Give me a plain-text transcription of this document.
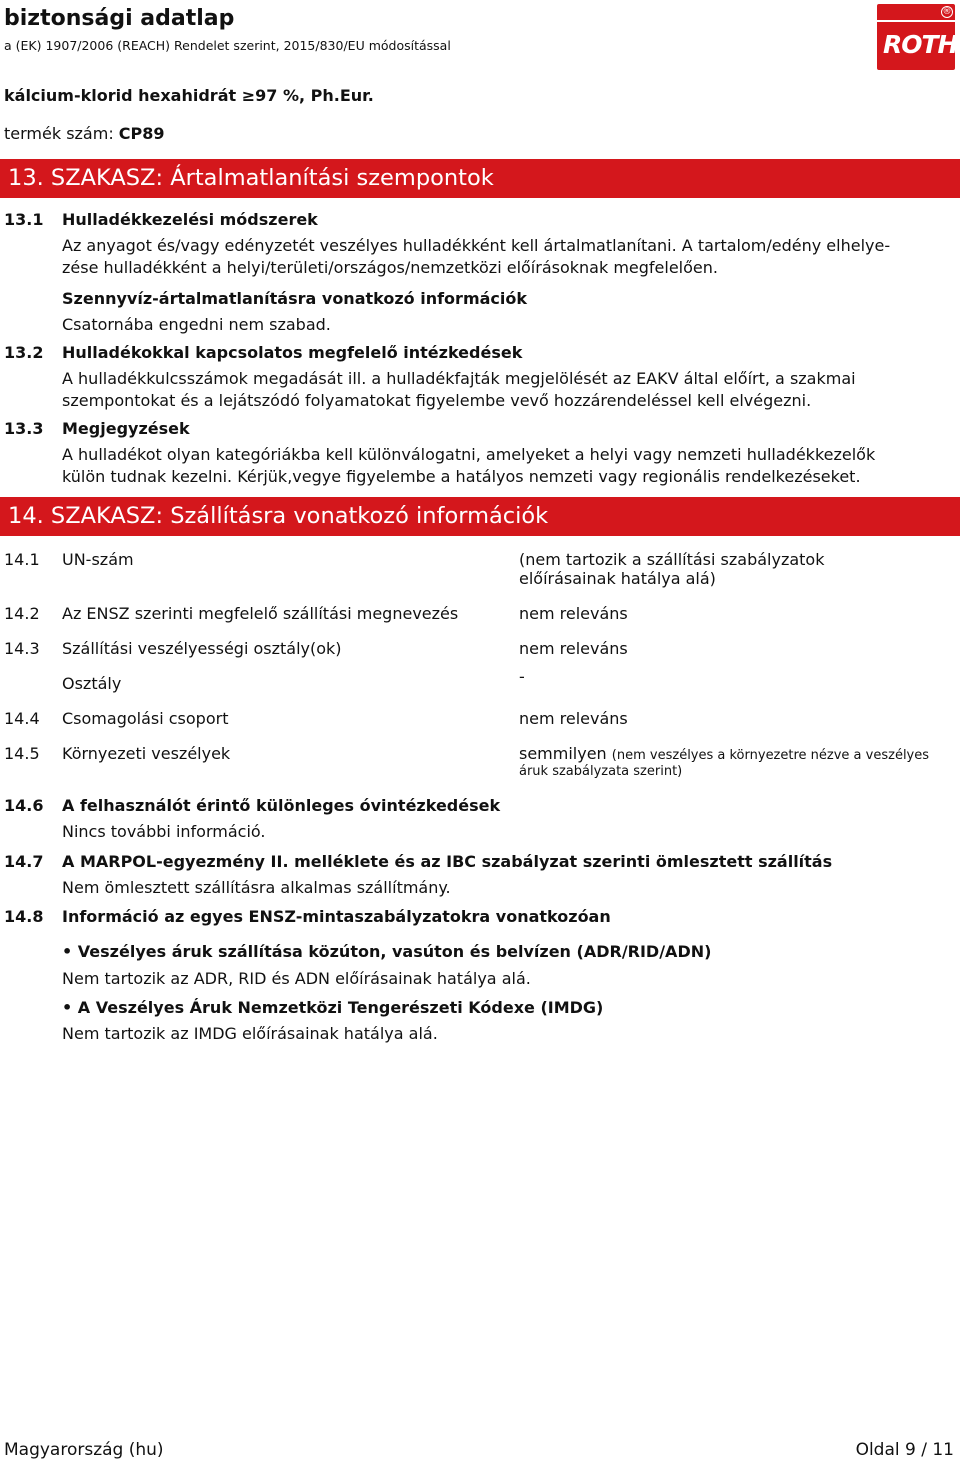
biztonsági adatlap
a (EK) 1907/2006 (REACH) Rendelet szerint, 2015/830/EU módosítással
®
ROTH
kálcium-klorid hexahidrát ≥97 %, Ph.Eur.
termék szám: CP89
13. SZAKASZ: Ártalmatlanítási szempontok
13.1 Hulladékkezelési módszerek
Az anyagot és/vagy edényzetét veszélyes hulladékként kell ártalmatlanítani. A tartalom/edény elhelye-
zése hulladékként a helyi/területi/országos/nemzetközi előírásoknak megfelelően.
Szennyvíz-ártalmatlanításra vonatkozó információk
Csatornába engedni nem szabad.
13.2 Hulladékokkal kapcsolatos megfelelő intézkedések
A hulladékkulcsszámok megadását ill. a hulladékfajták megjelölését az EAKV által előírt, a szakmai
szempontokat és a lejátszódó folyamatokat figyelembe vevő hozzárendeléssel kell elvégezni.
13.3 Megjegyzések
A hulladékot olyan kategóriákba kell különválogatni, amelyeket a helyi vagy nemzeti hulladékkezelők
külön tudnak kezelni. Kérjük,vegye figyelembe a hatályos nemzeti vagy regionális rendelkezéseket.
14. SZAKASZ: Szállításra vonatkozó információk
14.1 UN-szám	(nem tartozik a szállítási szabályzatok
előírásainak hatálya alá)
14.2 Az ENSZ szerinti megfelelő szállítási megnevezés	nem releváns
14.3 Szállítási veszélyességi osztály(ok)	nem releváns
Osztály	-
14.4 Csomagolási csoport	nem releváns
14.5 Környezeti veszélyek	semmilyen (nem veszélyes a környezetre nézve a veszélyes
áruk szabályzata szerint)
14.6 A felhasználót érintő különleges óvintézkedések
Nincs további információ.
14.7 A MARPOL-egyezmény II. melléklete és az IBC szabályzat szerinti ömlesztett szállítás
Nem ömlesztett szállításra alkalmas szállítmány.
14.8 Információ az egyes ENSZ-mintaszabályzatokra vonatkozóan
• Veszélyes áruk szállítása közúton, vasúton és belvízen (ADR/RID/ADN)
Nem tartozik az ADR, RID és ADN előírásainak hatálya alá.
• A Veszélyes Áruk Nemzetközi Tengerészeti Kódexe (IMDG)
Nem tartozik az IMDG előírásainak hatálya alá.
Magyarország (hu)	Oldal 9 / 11
